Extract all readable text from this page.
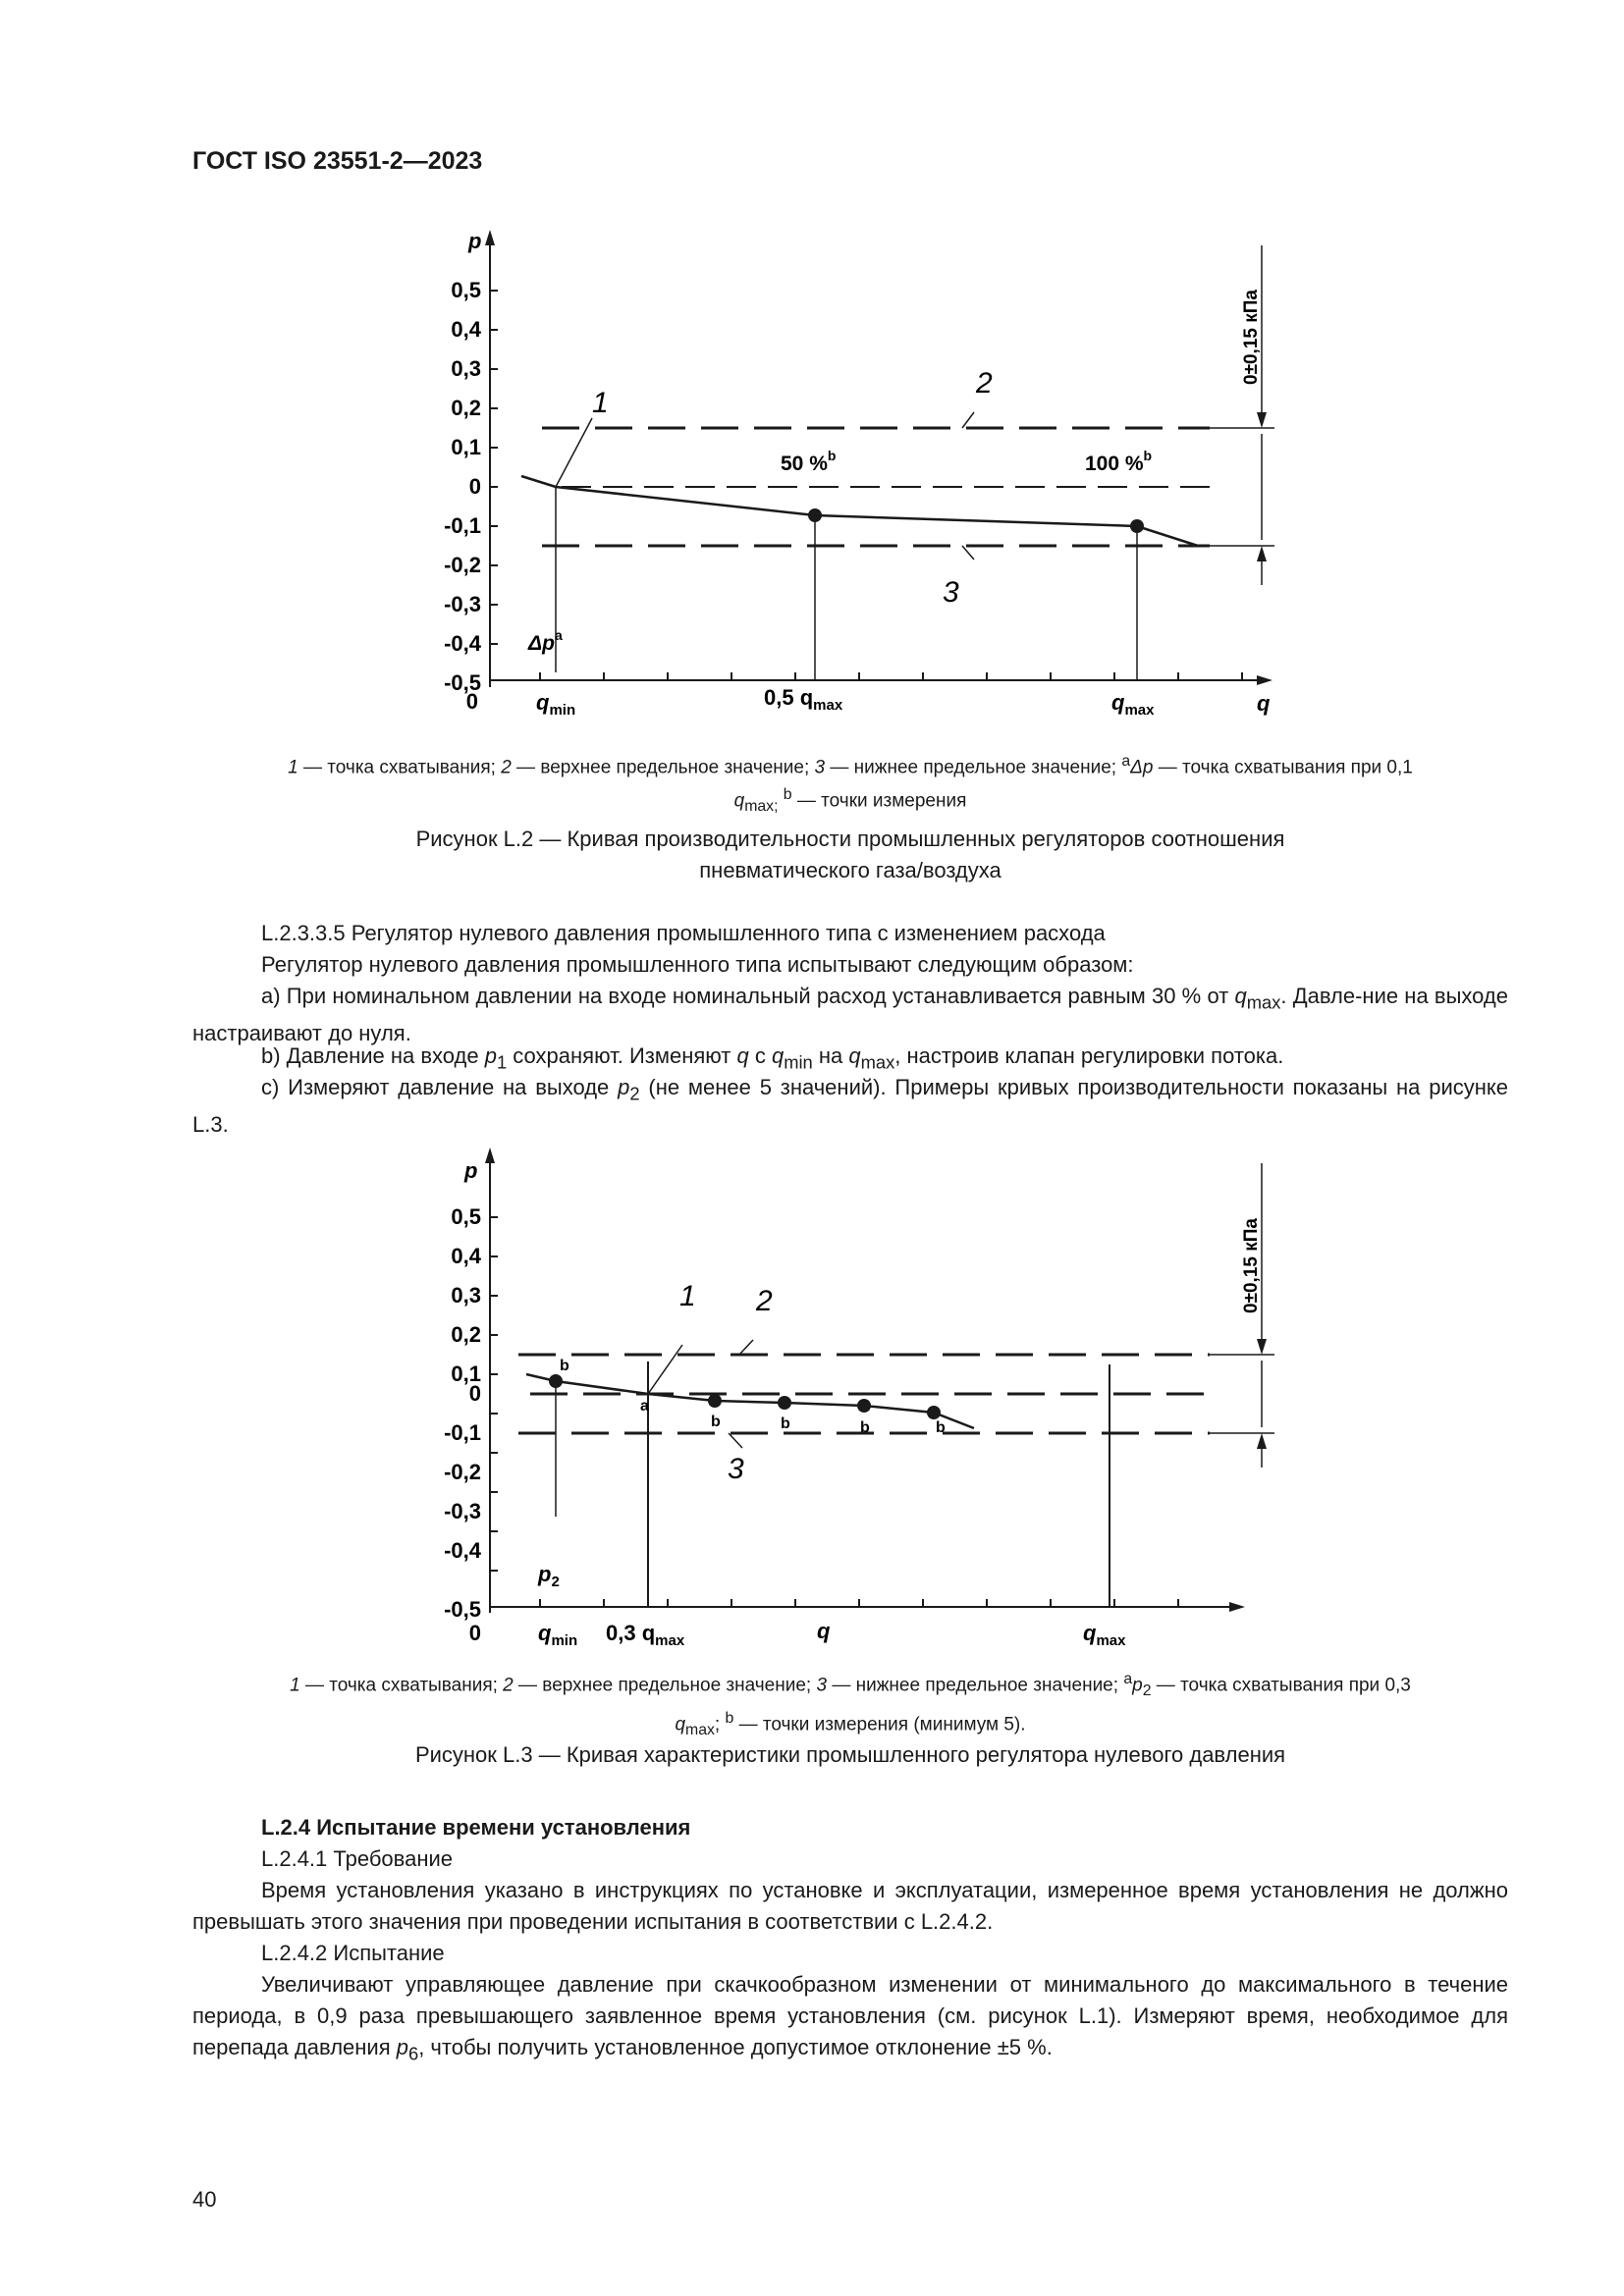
ГОСТ ISO 23551-2—2023
p
q
0
0,5
0,4
0,3
0,2
0,1
0
-0,1
-0,2
-0,3
-0,4
-0,5
$q_{min}$
0,5 $q_{max}$	$q_{max}$
1
2
3
50 %$^b$	100 %$^b$
$\Delta p^a$
0±0,15 кПа
1 — точка схватывания; 2 — верхнее предельное значение; 3 — нижнее предельное значение; $^a$Δp — точка схватывания при 0,1
$q_{max;}$ $^b$ — точки измерения
Рисунок L.2 — Кривая производительности промышленных регуляторов соотношения
пневматического газа/воздуха
L.2.3.3.5 Регулятор нулевого давления промышленного типа с изменением расхода
Регулятор нулевого давления промышленного типа испытывают следующим образом:
a) При номинальном давлении на входе номинальный расход устанавливается равным 30 % от $q_{max}$. Давле-ние на выходе настраивают до нуля.
b) Давление на входе $p_1$ сохраняют. Изменяют q с $q_{min}$ на $q_{max}$, настроив клапан регулировки потока.
c) Измеряют давление на выходе $p_2$ (не менее 5 значений). Примеры кривых производительности показаны на рисунке L.3.
p
q
0
0,5
0,4
0,3
0,2
0,1
0
-0,1
-0,2
-0,3
-0,4
-0,5
$q_{min}$ 0,3 $q_{max}$	$q_{max}$
1 2
3
b
a
b	b	b	b
$p_2$
0±0,15 кПа
1 — точка схватывания; 2 — верхнее предельное значение; 3 — нижнее предельное значение; $^ap_2$ — точка схватывания при 0,3
$q_{max}$; $^b$ — точки измерения (минимум 5).
Рисунок L.3 — Кривая характеристики промышленного регулятора нулевого давления
L.2.4 Испытание времени установления
L.2.4.1 Требование
Время установления указано в инструкциях по установке и эксплуатации, измеренное время установления не должно превышать этого значения при проведении испытания в соответствии с L.2.4.2.
L.2.4.2 Испытание
Увеличивают управляющее давление при скачкообразном изменении от минимального до максимального в течение периода, в 0,9 раза превышающего заявленное время установления (см. рисунок L.1). Измеряют время, необходимое для перепада давления $p_6$, чтобы получить установленное допустимое отклонение ±5 %.
40
